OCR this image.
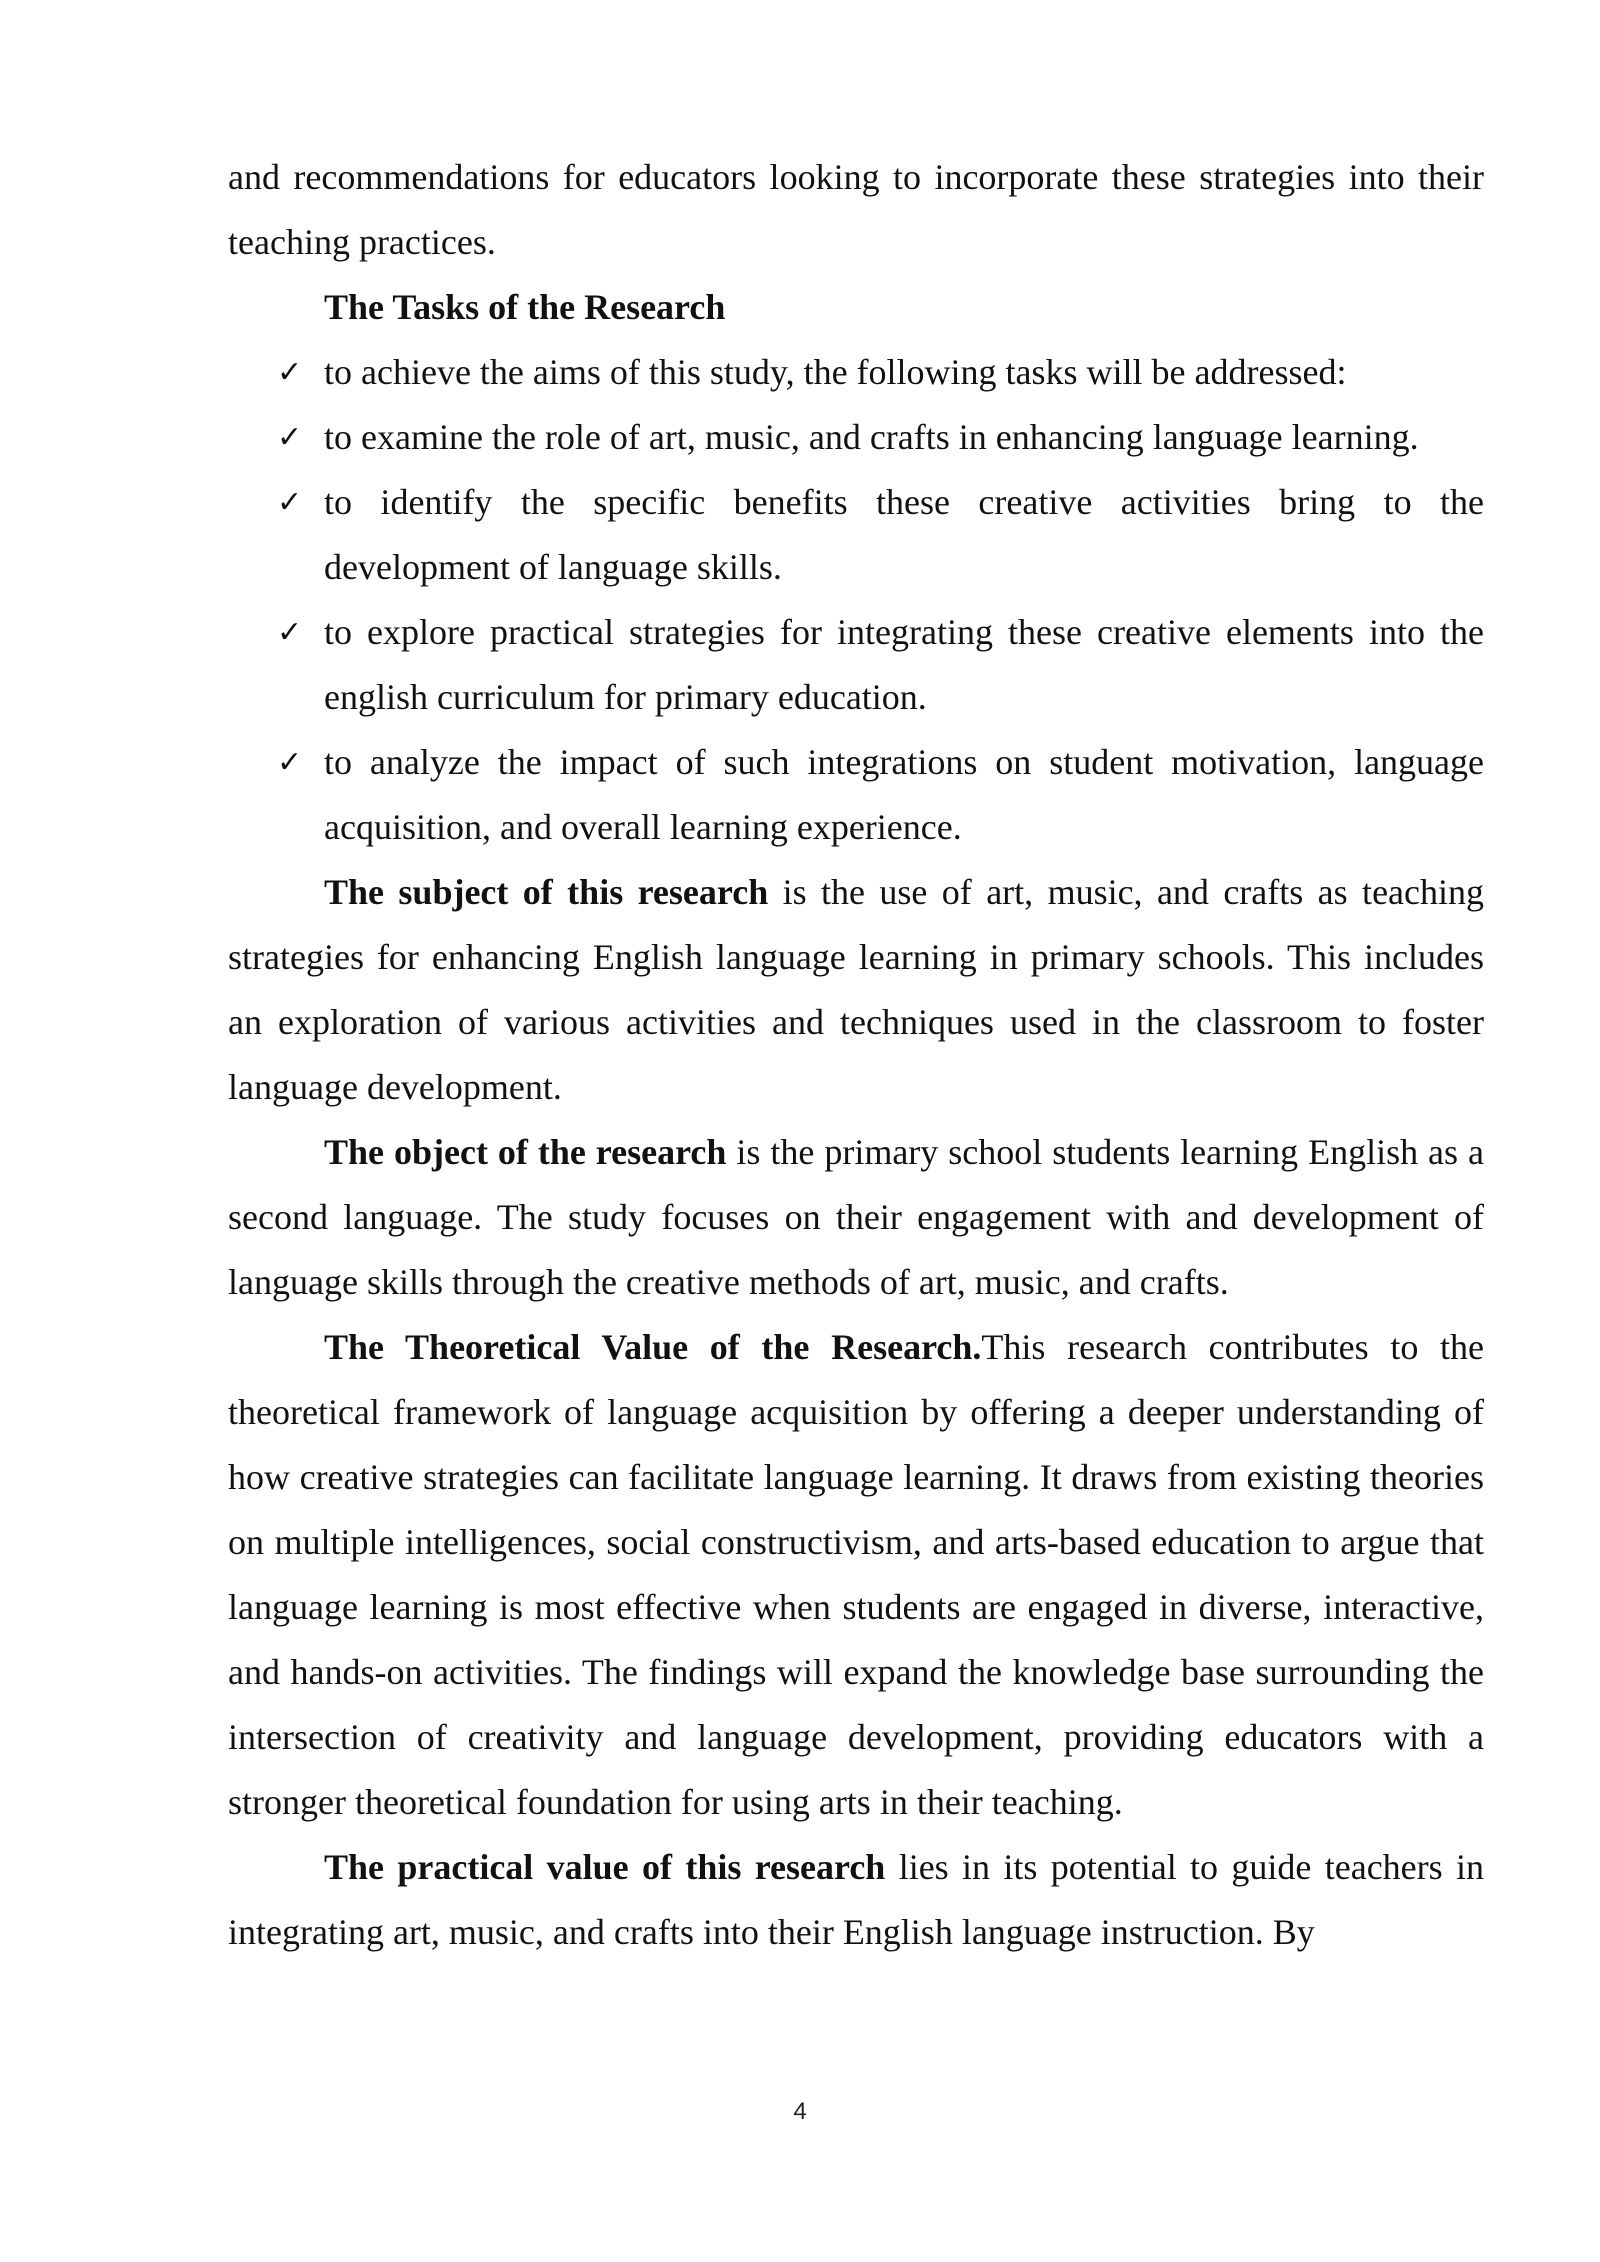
and recommendations for educators looking to incorporate these strategies into their teaching practices.

The Tasks of the Research

✓ to achieve the aims of this study, the following tasks will be addressed:
✓ to examine the role of art, music, and crafts in enhancing language learning.
✓ to identify the specific benefits these creative activities bring to the development of language skills.
✓ to explore practical strategies for integrating these creative elements into the english curriculum for primary education.
✓ to analyze the impact of such integrations on student motivation, language acquisition, and overall learning experience.

The subject of this research is the use of art, music, and crafts as teaching strategies for enhancing English language learning in primary schools. This includes an exploration of various activities and techniques used in the classroom to foster language development.

The object of the research is the primary school students learning English as a second language. The study focuses on their engagement with and development of language skills through the creative methods of art, music, and crafts.

The Theoretical Value of the Research.This research contributes to the theoretical framework of language acquisition by offering a deeper understanding of how creative strategies can facilitate language learning. It draws from existing theories on multiple intelligences, social constructivism, and arts-based education to argue that language learning is most effective when students are engaged in diverse, interactive, and hands-on activities. The findings will expand the knowledge base surrounding the intersection of creativity and language development, providing educators with a stronger theoretical foundation for using arts in their teaching.

The practical value of this research lies in its potential to guide teachers in integrating art, music, and crafts into their English language instruction. By

4
